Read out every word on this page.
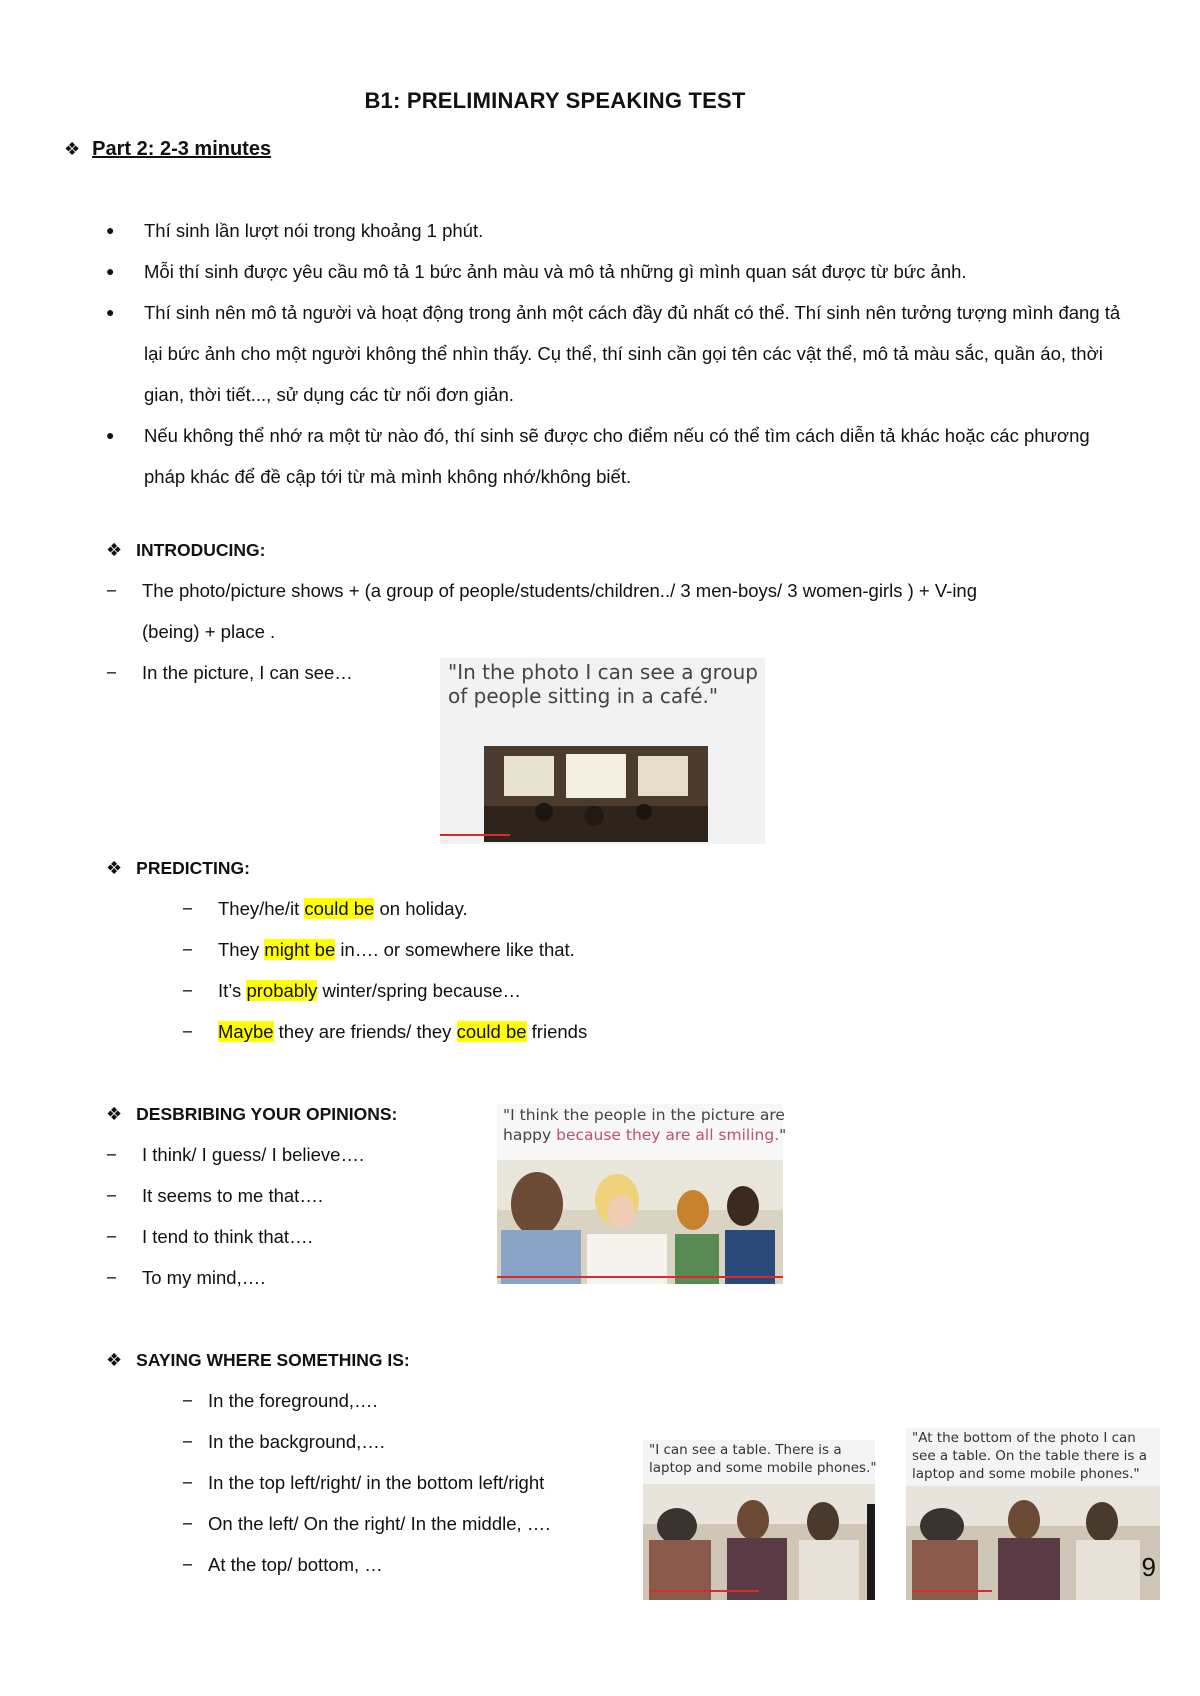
B1: PRELIMINARY SPEAKING TEST
❖ Part 2: 2-3 minutes
● Thí sinh lần lượt nói trong khoảng 1 phút.
● Mỗi thí sinh được yêu cầu mô tả 1 bức ảnh màu và mô tả những gì mình quan sát được từ bức ảnh.
● Thí sinh nên mô tả người và hoạt động trong ảnh một cách đầy đủ nhất có thể. Thí sinh nên tưởng tượng mình đang tả lại bức ảnh cho một người không thể nhìn thấy. Cụ thể, thí sinh cần gọi tên các vật thể, mô tả màu sắc, quần áo, thời gian, thời tiết..., sử dụng các từ nối đơn giản.
● Nếu không thể nhớ ra một từ nào đó, thí sinh sẽ được cho điểm nếu có thể tìm cách diễn tả khác hoặc các phương pháp khác để đề cập tới từ mà mình không nhớ/không biết.
❖ INTRODUCING:
− The photo/picture shows + (a group of people/students/children../ 3 men-boys/ 3 women-girls ) + V-ing
(being) + place .
− In the picture, I can see…	"In the photo I can see a group
of people sitting in a café."
❖ PREDICTING:
− They/he/it could be on holiday.
− They might be in…. or somewhere like that.
− It’s probably winter/spring because…
− Maybe they are friends/ they could be friends
❖ DESBRIBING YOUR OPINIONS:
− I think/ I guess/ I believe….
− It seems to me that….
− I tend to think that….
− To my mind,….
"I think the people in the picture are
happy because they are all smiling."
❖ SAYING WHERE SOMETHING IS:
− In the foreground,….
− In the background,….
− In the top left/right/ in the bottom left/right
− On the left/ On the right/ In the middle, ….
− At the top/ bottom, …
"I can see a table. There is a
laptop and some mobile phones."
"At the bottom of the photo I can
see a table. On the table there is a
laptop and some mobile phones."
9
